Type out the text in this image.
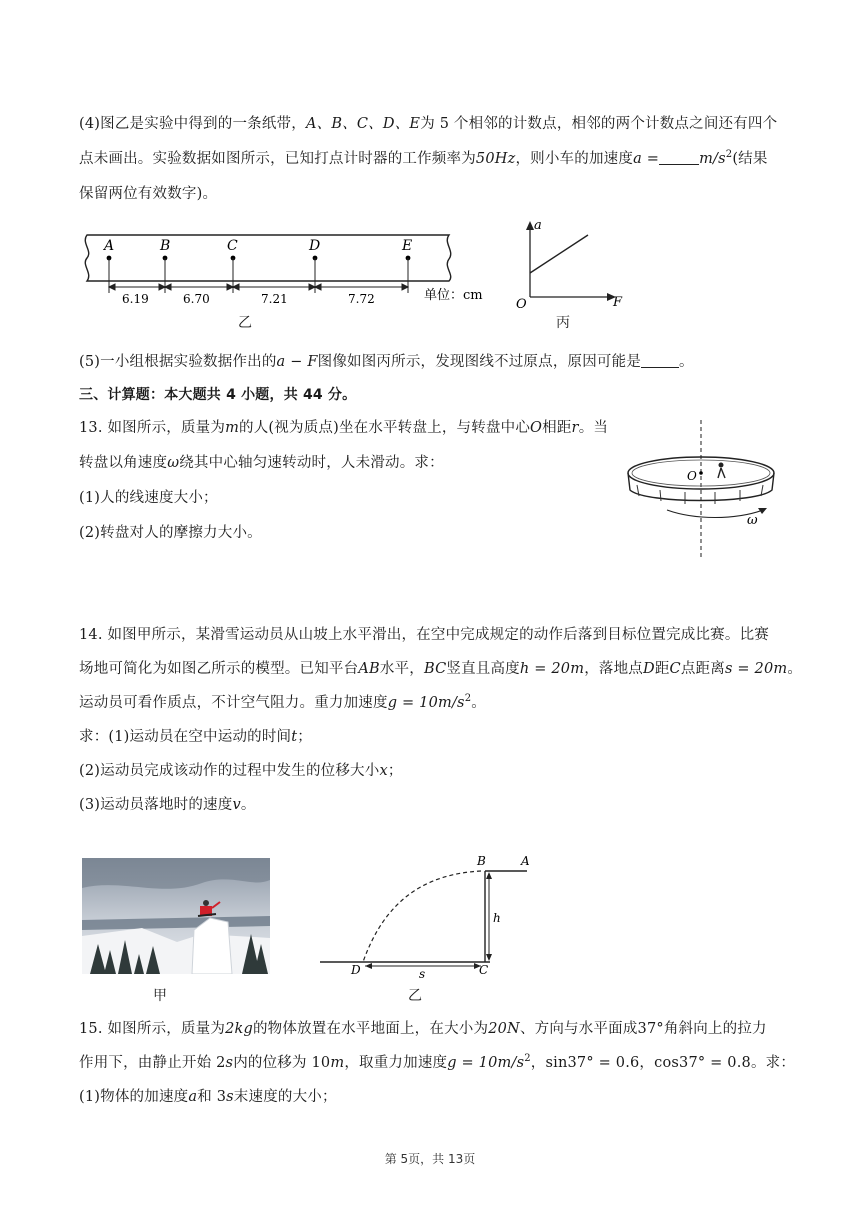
(4)图乙是实验中得到的一条纸带，A、B、C、D、E为 5 个相邻的计数点，相邻的两个计数点之间还有四个
点未画出。实验数据如图所示，已知打点计时器的工作频率为50Hz，则小车的加速度a =	$m/s^2$(结果
保留两位有效数字)。
A	B	C	D	E
6.19	6.70	7.21	7.72	单位：cm
乙
a
F
O
丙
(5)一小组根据实验数据作出的a − F图像如图丙所示，发现图线不过原点，原因可能是	。
三、计算题：本大题共 4 小题，共 44 分。
13. 如图所示，质量为m的人(视为质点)坐在水平转盘上，与转盘中心O相距r。当
转盘以角速度ω绕其中心轴匀速转动时，人未滑动。求：
(1)人的线速度大小；
(2)转盘对人的摩擦力大小。
O
ω
14. 如图甲所示，某滑雪运动员从山坡上水平滑出，在空中完成规定的动作后落到目标位置完成比赛。比赛
场地可简化为如图乙所示的模型。已知平台AB水平，BC竖直且高度h = 20m，落地点D距C点距离s = 20m。
运动员可看作质点，不计空气阻力。重力加速度$g = 10m/s^2$。
求：(1)运动员在空中运动的时间t；
(2)运动员完成该动作的过程中发生的位移大小x；
(3)运动员落地时的速度v。
甲
B	A
h
D	C
s
乙
15. 如图所示，质量为2kg的物体放置在水平地面上，在大小为20N、方向与水平面成37°角斜向上的拉力
作用下，由静止开始 2s内的位移为 10m，取重力加速度$g = 10m/s^2$，sin37° = 0.6，cos37° = 0.8。求：
(1)物体的加速度a和 3s末速度的大小；
第 5页，共 13页
